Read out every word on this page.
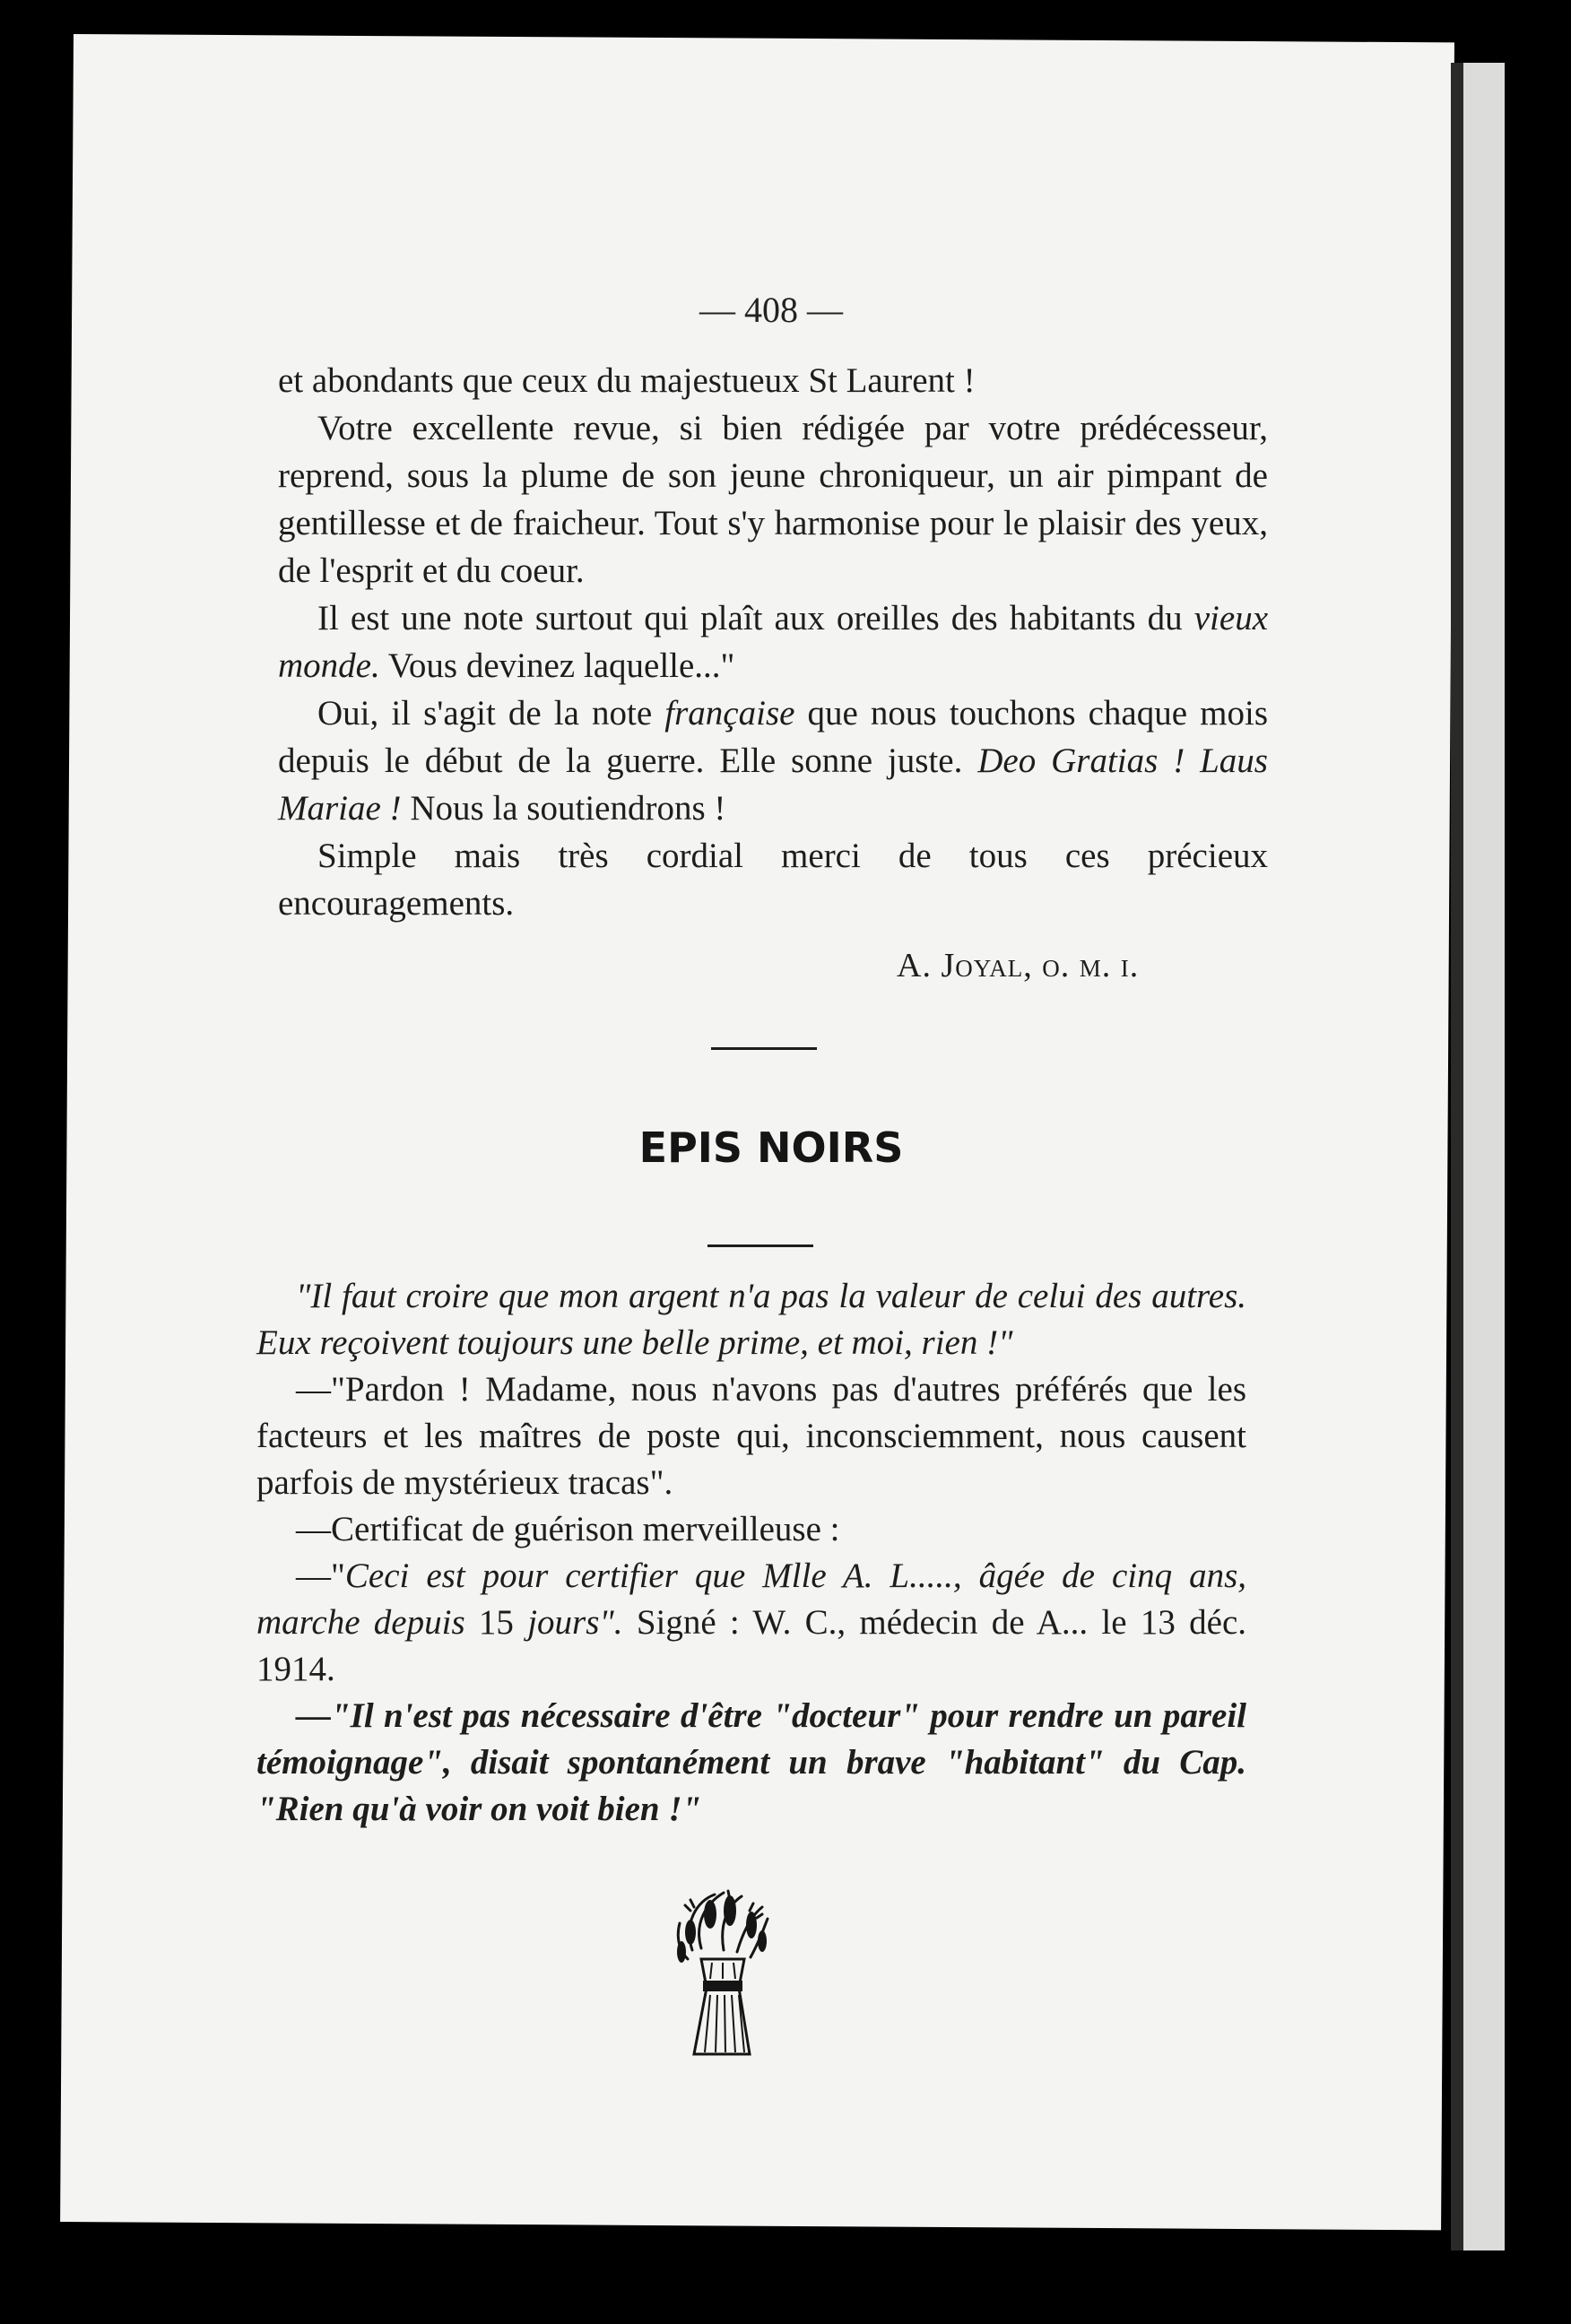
— 408 —

et abondants que ceux du majestueux St Laurent !

Votre excellente revue, si bien rédigée par votre prédécesseur, reprend, sous la plume de son jeune chroniqueur, un air pimpant de gentillesse et de fraicheur. Tout s'y harmonise pour le plaisir des yeux, de l'esprit et du coeur.

Il est une note surtout qui plaît aux oreilles des habitants du vieux monde. Vous devinez laquelle..."

Oui, il s'agit de la note française que nous touchons chaque mois depuis le début de la guerre. Elle sonne juste. Deo Gratias ! Laus Mariae ! Nous la soutiendrons !

Simple mais très cordial merci de tous ces précieux encouragements.

A. Joyal, o. m. i.
EPIS NOIRS

"Il faut croire que mon argent n'a pas la valeur de celui des autres. Eux reçoivent toujours une belle prime, et moi, rien !"

—"Pardon ! Madame, nous n'avons pas d'autres préférés que les facteurs et les maîtres de poste qui, inconsciemment, nous causent parfois de mystérieux tracas".

—Certificat de guérison merveilleuse :

—"Ceci est pour certifier que Mlle A. L....., âgée de cinq ans, marche depuis 15 jours". Signé : W. C., médecin de A... le 13 déc. 1914.

—"Il n'est pas nécessaire d'être "docteur" pour rendre un pareil témoignage", disait spontanément un brave "habitant" du Cap. "Rien qu'à voir on voit bien !"
